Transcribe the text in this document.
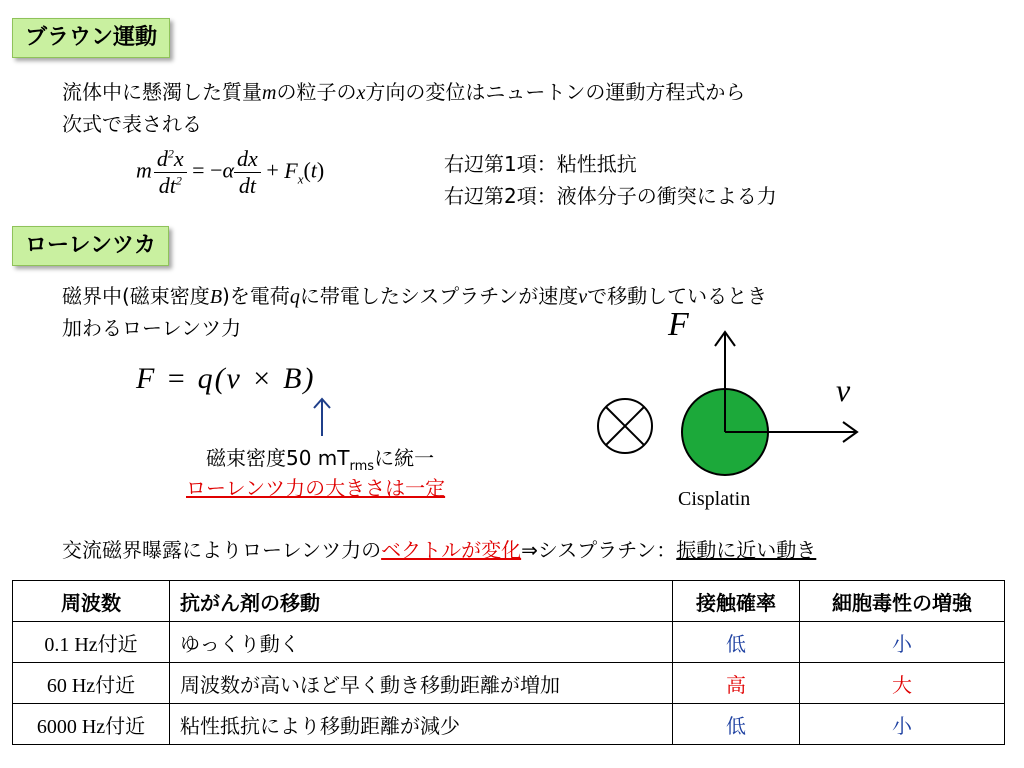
ブラウン運動
流体中に懸濁した質量mの粒子のx方向の変位はニュートンの運動方程式から
次式で表される
m $\frac{d^2x}{dt^2} = -\alpha \frac{dx}{dt} + F_x(t)$	右辺第1項：粘性抵抗
右辺第2項：液体分子の衝突による力
ローレンツカ
磁界中(磁束密度B)を電荷qに帯電したシスプラチンが速度vで移動しているとき
加わるローレンツ力
F = q(v × B)
磁束密度50 $mT_{rms}$に統一
ローレンツ力の大きさは一定
F
v
Cisplatin
交流磁界曝露によりローレンツ力のベクトルが変化⇒シスプラチン：振動に近い動き
周波数	抗がん剤の移動	接触確率	細胞毒性の増強
0.1 Hz付近	ゆっくり動く	低	小
60 Hz付近	周波数が高いほど早く動き移動距離が増加	高	大
6000 Hz付近	粘性抵抗により移動距離が減少	低	小
